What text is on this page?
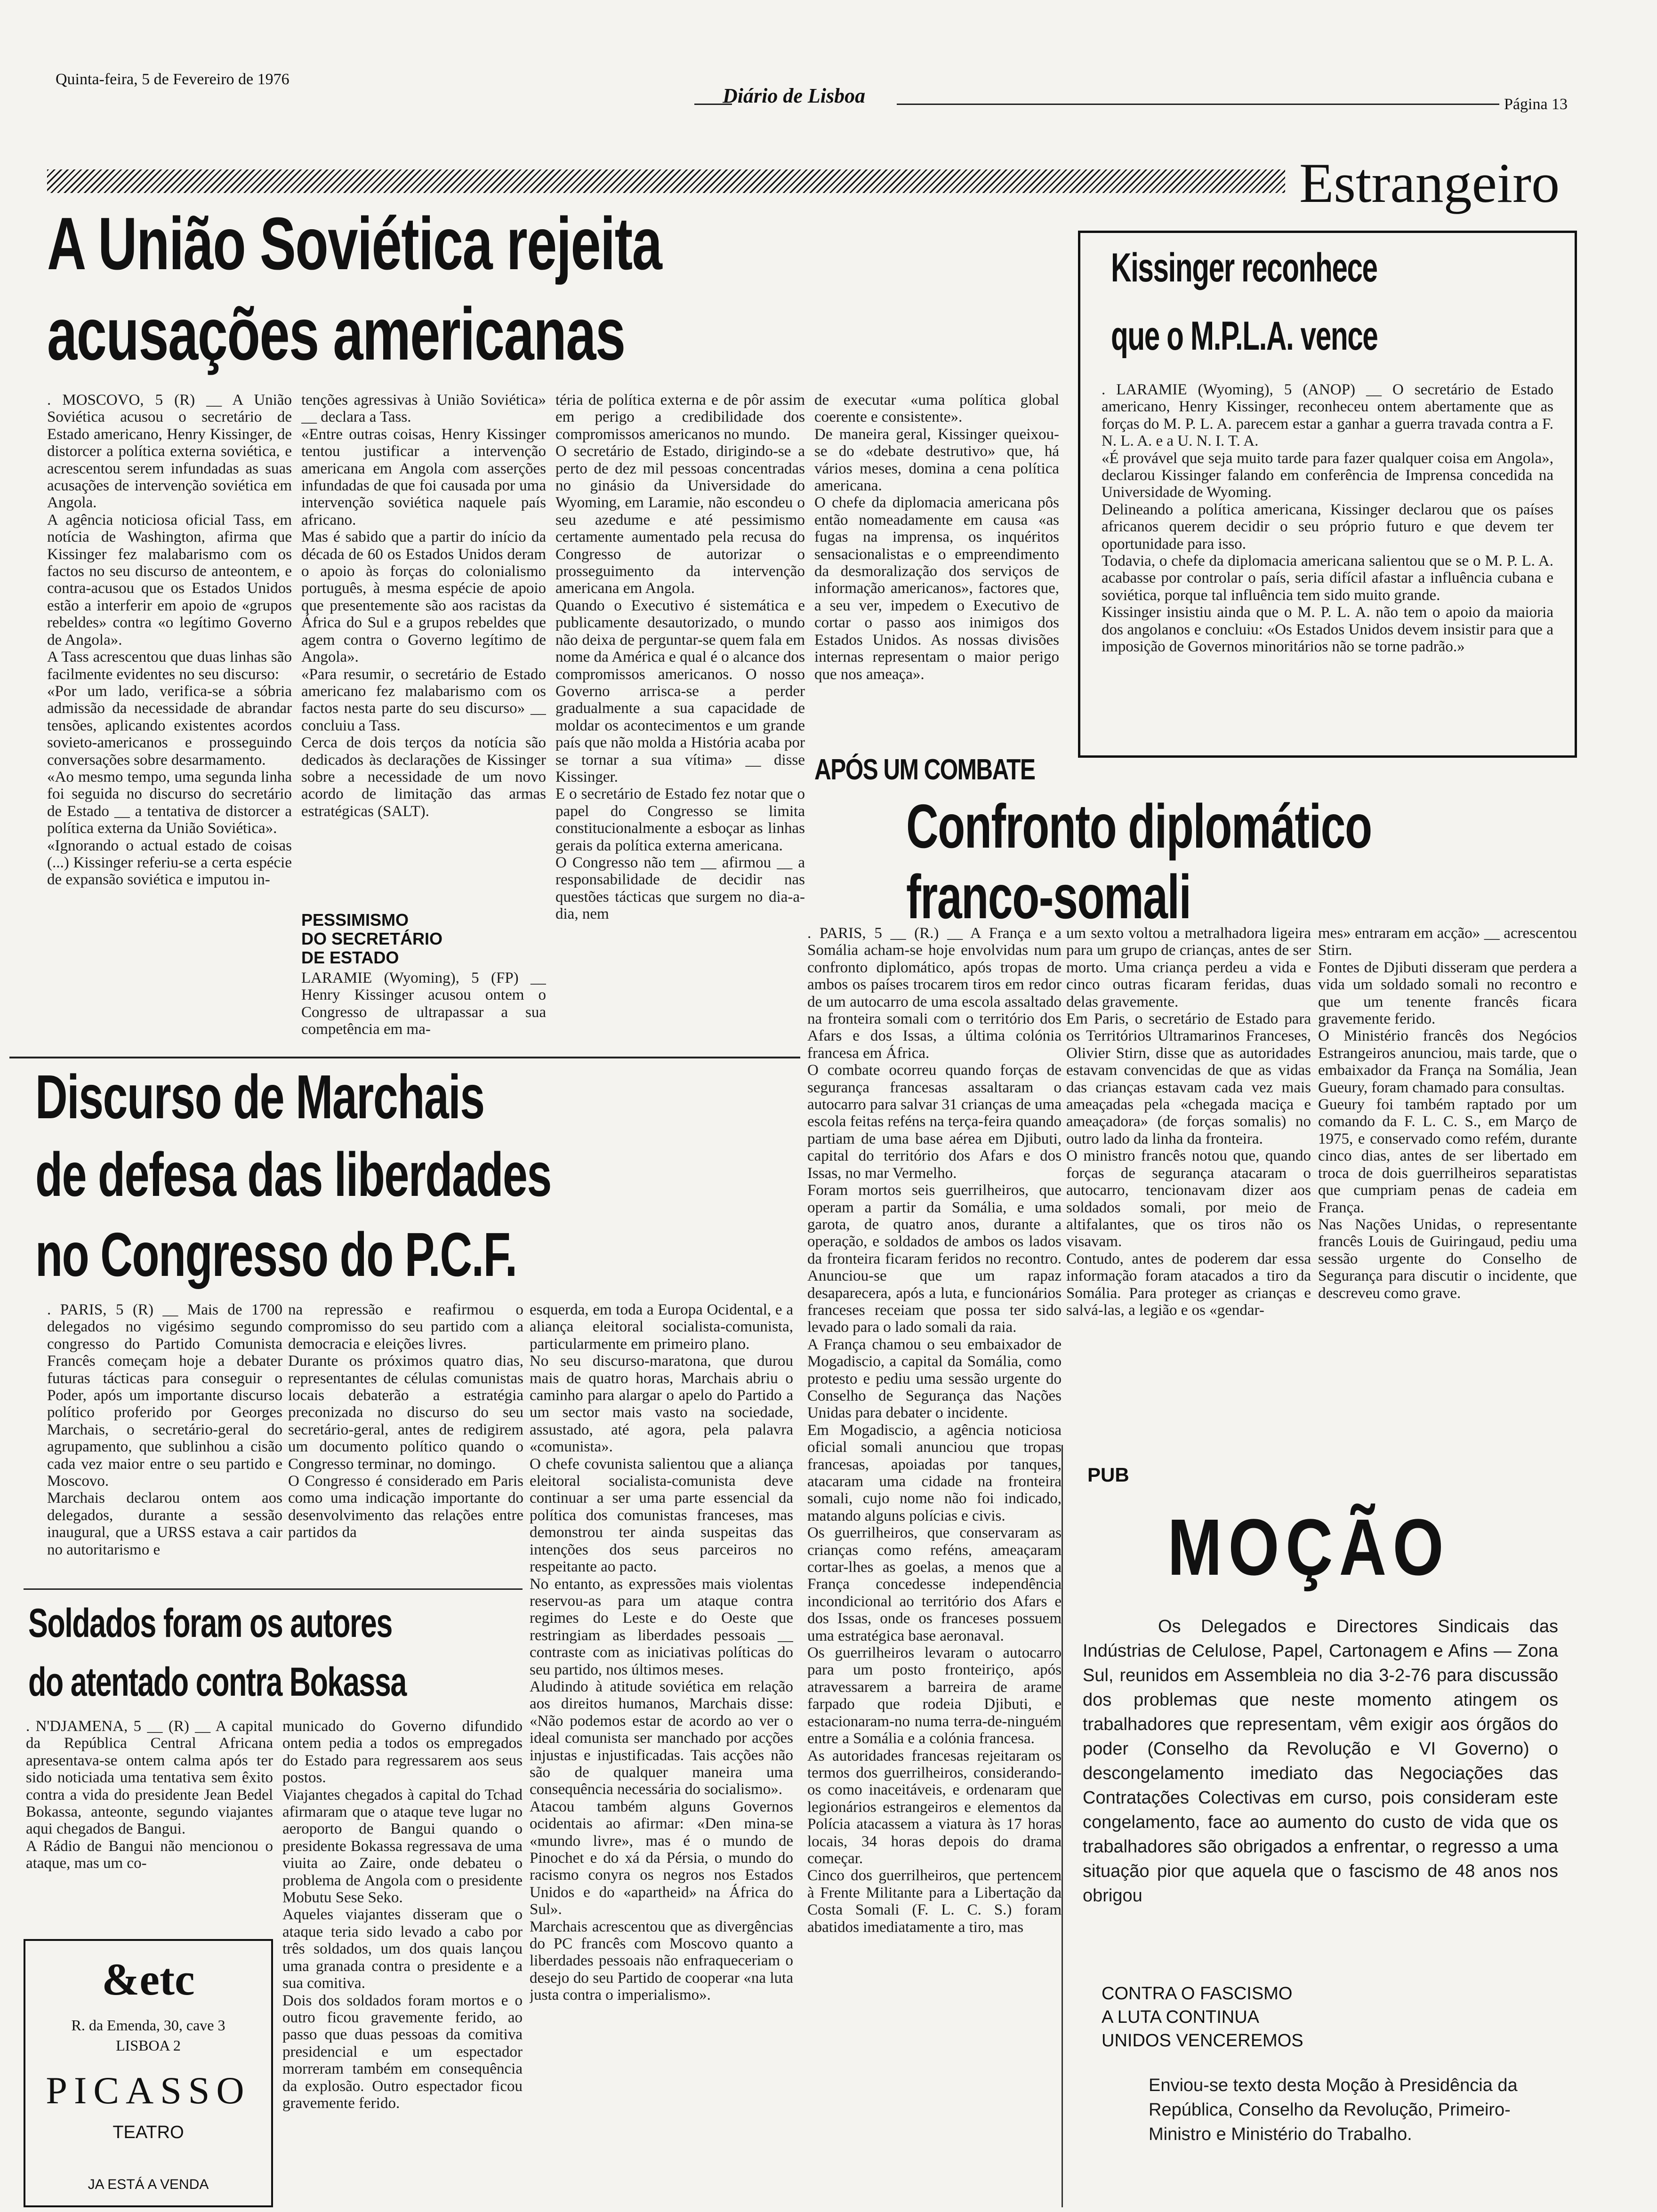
Quinta-feira, 5 de Fevereiro de 1976
Diário de Lisboa	Página 13
Estrangeiro
A União Soviética rejeita
acusações americanas

. MOSCOVO, 5 (R) __ A União Soviética acusou o secretário de Estado americano, Henry Kissinger, de distorcer a política externa soviética, e acrescentou serem infundadas as suas acusações de intervenção soviética em Angola.
A agência noticiosa oficial Tass, em notícia de Washington, afirma que Kissinger fez malabarismo com os factos no seu discurso de anteontem, e contra-acusou que os Estados Unidos estão a interferir em apoio de «grupos rebeldes» contra «o legítimo Governo de Angola».
A Tass acrescentou que duas linhas são facilmente evidentes no seu discurso:
«Por um lado, verifica-se a sóbria admissão da necessidade de abrandar tensões, aplicando existentes acordos sovieto-americanos e prosseguindo conversações sobre desarmamento.
«Ao mesmo tempo, uma segunda linha foi seguida no discurso do secretário de Estado __ a tentativa de distorcer a política externa da União Soviética».
«Ignorando o actual estado de coisas (...) Kissinger referiu-se a certa espécie de expansão soviética e imputou in-

tenções agressivas à União Soviética» __ declara a Tass.
«Entre outras coisas, Henry Kissinger tentou justificar a intervenção americana em Angola com asserções infundadas de que foi causada por uma intervenção soviética naquele país africano.
Mas é sabido que a partir do início da década de 60 os Estados Unidos deram o apoio às forças do colonialismo português, à mesma espécie de apoio que presentemente são aos racistas da África do Sul e a grupos rebeldes que agem contra o Governo legítimo de Angola».
«Para resumir, o secretário de Estado americano fez malabarismo com os factos nesta parte do seu discurso» __ concluiu a Tass.
Cerca de dois terços da notícia são dedicados às declarações de Kissinger sobre a necessidade de um novo acordo de limitação das armas estratégicas (SALT).

PESSIMISMO
DO SECRETÁRIO
DE ESTADO

LARAMIE (Wyoming), 5 (FP) __ Henry Kissinger acusou ontem o Congresso de ultrapassar a sua competência em ma-

téria de política externa e de pôr assim em perigo a credibilidade dos compromissos americanos no mundo.
O secretário de Estado, dirigindo-se a perto de dez mil pessoas concentradas no ginásio da Universidade do Wyoming, em Laramie, não escondeu o seu azedume e até pessimismo certamente aumentado pela recusa do Congresso de autorizar o prosseguimento da intervenção americana em Angola.
Quando o Executivo é sistemática e publicamente desautorizado, o mundo não deixa de perguntar-se quem fala em nome da América e qual é o alcance dos compromissos americanos. O nosso Governo arrisca-se a perder gradualmente a sua capacidade de moldar os acontecimentos e um grande país que não molda a História acaba por se tornar a sua vítima» __ disse Kissinger.
E o secretário de Estado fez notar que o papel do Congresso se limita constitucionalmente a esboçar as linhas gerais da política externa americana.
O Congresso não tem __ afirmou __ a responsabilidade de decidir nas questões tácticas que surgem no dia-a-dia, nem

de executar «uma política global coerente e consistente».
De maneira geral, Kissinger queixou-se do «debate destrutivo» que, há vários meses, domina a cena política americana.
O chefe da diplomacia americana pôs então nomeadamente em causa «as fugas na imprensa, os inquéritos sensacionalistas e o empreendimento da desmoralização dos serviços de informação americanos», factores que, a seu ver, impedem o Executivo de cortar o passo aos inimigos dos Estados Unidos. As nossas divisões internas representam o maior perigo que nos ameaça».

Kissinger reconhece
que o M.P.L.A. vence

. LARAMIE (Wyoming), 5 (ANOP) __ O secretário de Estado americano, Henry Kissinger, reconheceu ontem abertamente que as forças do M. P. L. A. parecem estar a ganhar a guerra travada contra a F. N. L. A. e a U. N. I. T. A.
«É provável que seja muito tarde para fazer qualquer coisa em Angola», declarou Kissinger falando em conferência de Imprensa concedida na Universidade de Wyoming.
Delineando a política americana, Kissinger declarou que os países africanos querem decidir o seu próprio futuro e que devem ter oportunidade para isso.
Todavia, o chefe da diplomacia americana salientou que se o M. P. L. A. acabasse por controlar o país, seria difícil afastar a influência cubana e soviética, porque tal influência tem sido muito grande.
Kissinger insistiu ainda que o M. P. L. A. não tem o apoio da maioria dos angolanos e concluiu: «Os Estados Unidos devem insistir para que a imposição de Governos minoritários não se torne padrão.»

APÓS UM COMBATE
Confronto diplomático
franco-somali

. PARIS, 5 __ (R.) __ A França e a Somália acham-se hoje envolvidas num confronto diplomático, após tropas de ambos os países trocarem tiros em redor de um autocarro de uma escola assaltado na fronteira somali com o território dos Afars e dos Issas, a última colónia francesa em África.
O combate ocorreu quando forças de segurança francesas assaltaram o autocarro para salvar 31 crianças de uma escola feitas reféns na terça-feira quando partiam de uma base aérea em Djibuti, capital do território dos Afars e dos Issas, no mar Vermelho.
Foram mortos seis guerrilheiros, que operam a partir da Somália, e uma garota, de quatro anos, durante a operação, e soldados de ambos os lados da fronteira ficaram feridos no recontro. Anunciou-se que um rapaz desaparecera, após a luta, e funcionários franceses receiam que possa ter sido levado para o lado somali da raia.
A França chamou o seu embaixador de Mogadiscio, a capital da Somália, como protesto e pediu uma sessão urgente do Conselho de Segurança das Nações Unidas para debater o incidente.
Em Mogadiscio, a agência noticiosa oficial somali anunciou que tropas francesas, apoiadas por tanques, atacaram uma cidade na fronteira somali, cujo nome não foi indicado, matando alguns polícias e civis.
Os guerrilheiros, que conservaram as crianças como reféns, ameaçaram cortar-lhes as goelas, a menos que a França concedesse independência incondicional ao território dos Afars e dos Issas, onde os franceses possuem uma estratégica base aeronaval.
Os guerrilheiros levaram o autocarro para um posto fronteiriço, após atravessarem a barreira de arame farpado que rodeia Djibuti, e estacionaram-no numa terra-de-ninguém entre a Somália e a colónia francesa.
As autoridades francesas rejeitaram os termos dos guerrilheiros, considerando-os como inaceitáveis, e ordenaram que legionários estrangeiros e elementos da Polícia atacassem a viatura às 17 horas locais, 34 horas depois do drama começar.
Cinco dos guerrilheiros, que pertencem à Frente Militante para a Libertação da Costa Somali (F. L. C. S.) foram abatidos imediatamente a tiro, mas

um sexto voltou a metralhadora ligeira para um grupo de crianças, antes de ser morto. Uma criança perdeu a vida e cinco outras ficaram feridas, duas delas gravemente.
Em Paris, o secretário de Estado para os Territórios Ultramarinos Franceses, Olivier Stirn, disse que as autoridades estavam convencidas de que as vidas das crianças estavam cada vez mais ameaçadas pela «chegada maciça e ameaçadora» (de forças somalis) no outro lado da linha da fronteira.
O ministro francês notou que, quando forças de segurança atacaram o autocarro, tencionavam dizer aos soldados somali, por meio de altifalantes, que os tiros não os visavam.
Contudo, antes de poderem dar essa informação foram atacados a tiro da Somália. Para proteger as crianças e salvá-las, a legião e os «gendar-

mes» entraram em acção» __ acrescentou Stirn.
Fontes de Djibuti disseram que perdera a vida um soldado somali no recontro e que um tenente francês ficara gravemente ferido.
O Ministério francês dos Negócios Estrangeiros anunciou, mais tarde, que o embaixador da França na Somália, Jean Gueury, foram chamado para consultas.
Gueury foi também raptado por um comando da F. L. C. S., em Março de 1975, e conservado como refém, durante cinco dias, antes de ser libertado em troca de dois guerrilheiros separatistas que cumpriam penas de cadeia em França.
Nas Nações Unidas, o representante francês Louis de Guiringaud, pediu uma sessão urgente do Conselho de Segurança para discutir o incidente, que descreveu como grave.

Discurso de Marchais
de defesa das liberdades
no Congresso do P.C.F.

. PARIS, 5 (R) __ Mais de 1700 delegados no vigésimo segundo congresso do Partido Comunista Francês começam hoje a debater futuras tácticas para conseguir o Poder, após um importante discurso político proferido por Georges Marchais, o secretário-geral do agrupamento, que sublinhou a cisão cada vez maior entre o seu partido e Moscovo.
Marchais declarou ontem aos delegados, durante a sessão inaugural, que a URSS estava a cair no autoritarismo e

na repressão e reafirmou o compromisso do seu partido com a democracia e eleições livres.
Durante os próximos quatro dias, representantes de células comunistas locais debaterão a estratégia preconizada no discurso do seu secretário-geral, antes de redigirem um documento político quando o Congresso terminar, no domingo.
O Congresso é considerado em Paris como uma indicação importante do desenvolvimento das relações entre partidos da

esquerda, em toda a Europa Ocidental, e a aliança eleitoral socialista-comunista, particularmente em primeiro plano.
No seu discurso-maratona, que durou mais de quatro horas, Marchais abriu o caminho para alargar o apelo do Partido a um sector mais vasto na sociedade, assustado, até agora, pela palavra «comunista».
O chefe covunista salientou que a aliança eleitoral socialista-comunista deve continuar a ser uma parte essencial da política dos comunistas franceses, mas demonstrou ter ainda suspeitas das intenções dos seus parceiros no respeitante ao pacto.
No entanto, as expressões mais violentas reservou-as para um ataque contra regimes do Leste e do Oeste que restringiam as liberdades pessoais __ contraste com as iniciativas políticas do seu partido, nos últimos meses.
Aludindo à atitude soviética em relação aos direitos humanos, Marchais disse: «Não podemos estar de acordo ao ver o ideal comunista ser manchado por acções injustas e injustificadas. Tais acções não são de qualquer maneira uma consequência necessária do socialismo».
Atacou também alguns Governos ocidentais ao afirmar: «Den mina-se «mundo livre», mas é o mundo de Pinochet e do xá da Pérsia, o mundo do racismo conyra os negros nos Estados Unidos e do «apartheid» na África do Sul».
Marchais acrescentou que as divergências do PC francês com Moscovo quanto a liberdades pessoais não enfraqueceriam o desejo do seu Partido de cooperar «na luta justa contra o imperialismo».

Soldados foram os autores
do atentado contra Bokassa

. N'DJAMENA, 5 __ (R) __ A capital da República Central Africana apresentava-se ontem calma após ter sido noticiada uma tentativa sem êxito contra a vida do presidente Jean Bedel Bokassa, anteonte, segundo viajantes aqui chegados de Bangui.
A Rádio de Bangui não mencionou o ataque, mas um co-

municado do Governo difundido ontem pedia a todos os empregados do Estado para regressarem aos seus postos.
Viajantes chegados à capital do Tchad afirmaram que o ataque teve lugar no aeroporto de Bangui quando o presidente Bokassa regressava de uma viuita ao Zaire, onde debateu o problema de Angola com o presidente Mobutu Sese Seko.
Aqueles viajantes disseram que o ataque teria sido levado a cabo por três soldados, um dos quais lançou uma granada contra o presidente e a sua comitiva.
Dois dos soldados foram mortos e o outro ficou gravemente ferido, ao passo que duas pessoas da comitiva presidencial e um espectador morreram também em consequência da explosão. Outro espectador ficou gravemente ferido.

&etc
R. da Emenda, 30, cave 3
LISBOA 2
PICASSO
TEATRO
JA ESTÁ A VENDA
PUB
MOÇÃO

Os Delegados e Directores Sindicais das Indústrias de Celulose, Papel, Cartonagem e Afins — Zona Sul, reunidos em Assembleia no dia 3-2-76 para discussão dos problemas que neste momento atingem os trabalhadores que representam, vêm exigir aos órgãos do poder (Conselho da Revolução e VI Governo) o descongelamento imediato das Negociações das Contratações Colectivas em curso, pois consideram este congelamento, face ao aumento do custo de vida que os trabalhadores são obrigados a enfrentar, o regresso a uma situação pior que aquela que o fascismo de 48 anos nos obrigou

CONTRA O FASCISMO
A LUTA CONTINUA
UNIDOS VENCEREMOS

Enviou-se texto desta Moção à Presidência da República, Conselho da Revolução, Primeiro-Ministro e Ministério do Trabalho.
